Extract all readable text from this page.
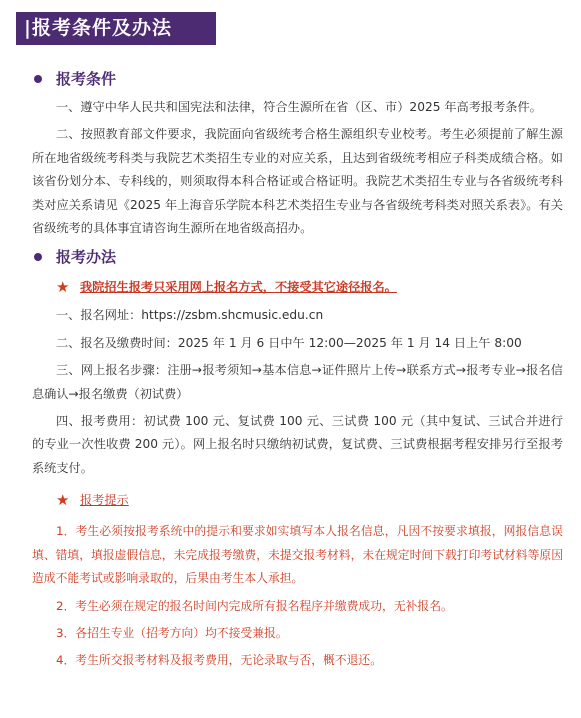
|报考条件及办法
报考条件

一、遵守中华人民共和国宪法和法律，符合生源所在省（区、市）2025 年高考报考条件。

二、按照教育部文件要求，我院面向省级统考合格生源组织专业校考。考生必须提前了解生源所在地省级统考科类与我院艺术类招生专业的对应关系，且达到省级统考相应子科类成绩合格。如该省份划分本、专科线的，则须取得本科合格证或合格证明。我院艺术类招生专业与各省级统考科类对应关系请见《2025 年上海音乐学院本科艺术类招生专业与各省级统考科类对照关系表》。有关省级统考的具体事宜请咨询生源所在地省级高招办。

报考办法
★ 我院招生报考只采用网上报名方式，不接受其它途径报名。

一、报名网址：https://zsbm.shcmusic.edu.cn

二、报名及缴费时间：2025 年 1 月 6 日中午 12:00—2025 年 1 月 14 日上午 8:00

三、网上报名步骤：注册→报考须知→基本信息→证件照片上传→联系方式→报考专业→报名信息确认→报名缴费（初试费）

四、报考费用：初试费 100 元、复试费 100 元、三试费 100 元（其中复试、三试合并进行的专业一次性收费 200 元）。网上报名时只缴纳初试费，复试费、三试费根据考程安排另行至报考系统支付。

★ 报考提示

1．考生必须按报考系统中的提示和要求如实填写本人报名信息，凡因不按要求填报，网报信息误填、错填，填报虚假信息，未完成报考缴费，未提交报考材料，未在规定时间下载打印考试材料等原因造成不能考试或影响录取的，后果由考生本人承担。

2．考生必须在规定的报名时间内完成所有报名程序并缴费成功，无补报名。

3．各招生专业（招考方向）均不接受兼报。

4．考生所交报考材料及报考费用，无论录取与否，概不退还。
